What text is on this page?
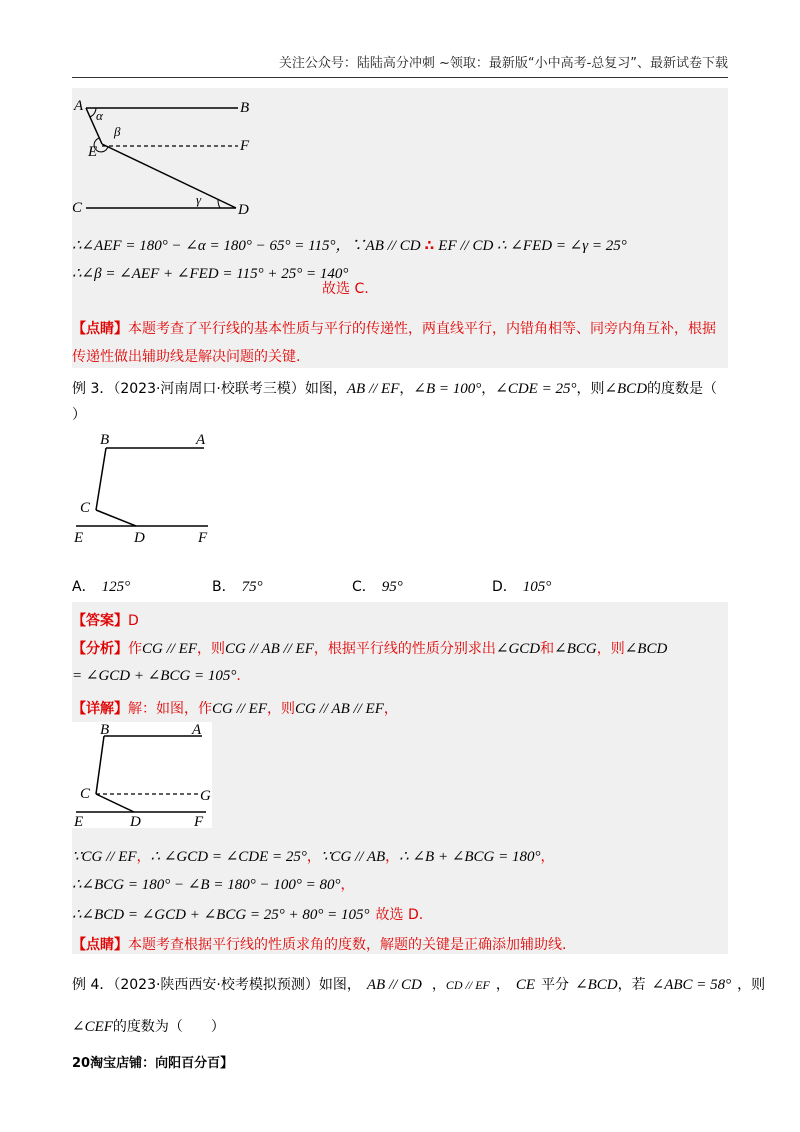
关注公众号：陆陆高分冲刺 ~领取：最新版“小中高考-总复习”、最新试卷下载
A	B
E	F
C	D
α
β
γ
∴∠AEF = 180° − ∠α = 180° − 65° = 115°，∵AB // CD ∴ EF // CD ∴ ∠FED = ∠γ = 25°
∴∠β = ∠AEF + ∠FED = 115° + 25° = 140°
故选 C.
【点睛】本题考查了平行线的基本性质与平行的传递性，两直线平行，内错角相等、同旁内角互补，根据
传递性做出辅助线是解决问题的关键.
例 3．（2023·河南周口·校联考三模）如图，AB // EF，∠B = 100°，∠CDE = 25°，则∠BCD的度数是（
）
B	A
C
E	D	F
A． 125°	B． 75°	C． 95°	D． 105°
【答案】D
【分析】作CG // EF，则CG // AB // EF，根据平行线的性质分别求出∠GCD和∠BCG，则∠BCD
= ∠GCD + ∠BCG = 105°.
【详解】解：如图，作CG // EF，则CG // AB // EF，
B	A
C	G
E	D	F
∵CG // EF，∴ ∠GCD = ∠CDE = 25°，∵CG // AB，∴ ∠B + ∠BCG = 180°，
∴∠BCG = 180° − ∠B = 180° − 100° = 80°，
∴∠BCD = ∠GCD + ∠BCG = 25° + 80° = 105° 故选 D.
【点睛】本题考查根据平行线的性质求角的度数，解题的关键是正确添加辅助线.
例 4．（2023·陕西西安·校考模拟预测）如图， AB // CD ，CD // EF ， CE 平分 ∠BCD，若 ∠ABC = 58° ，则
∠CEF的度数为（　　）
20淘宝店铺：向阳百分百】
